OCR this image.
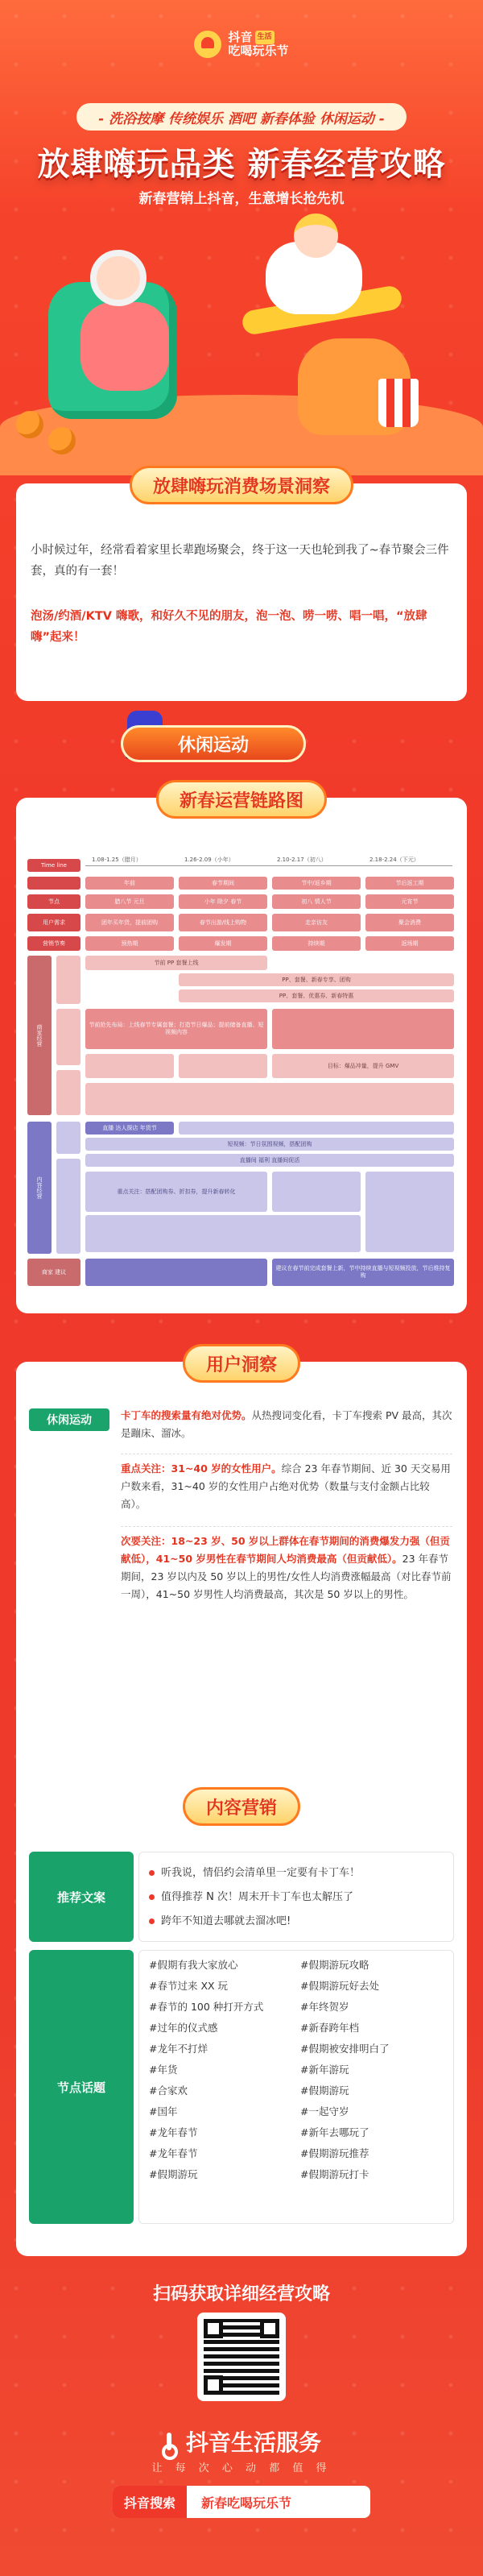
抖音 生活
吃喝玩乐节
- 洗浴按摩 传统娱乐 酒吧 新春体验 休闲运动 -
放肆嗨玩品类 新春经营攻略
新春营销上抖音，生意增长抢先机
放肆嗨玩消费场景洞察
小时候过年，经常看着家里长辈跑场聚会，终于这一天也轮到我了~春节聚会三件套，真的有一套！
泡汤/约酒/KTV 嗨歌，和好久不见的朋友，泡一泡、唠一唠、唱一唱，“放肆嗨”起来！
休闲运动
新春运营链路图
Time line
1.08-1.25（腊月）	1.26-2.09（小年）	2.10-2.17（初八）	2.18-2.24（下元）
年前	春节期间	节中/返乡期	节后返工期
节点	腊八节 元旦	小年 除夕 春节	初八 情人节	元宵节
用户需求	团年买年货，提前团购	春节出游/线上购物	走亲访友	聚会消费
营销节奏	预热期	爆发期	持续期	返场期
商家经营
节前 PP 套餐上线
PP、套餐、新春专享、团购
PP、套餐、优惠券、新春特惠
节前抢先布局：上线春节专属套餐；打造节日爆品；提前储备直播、短视频内容
目标：爆品冲量，提升 GMV
内容经营
直播 达人探店 年货节
短视频：节日氛围视频，搭配团购
直播间 福利 直播间促活
重点关注：搭配团购券、折扣券，提升新春转化
商家 建议
建议在春节前完成套餐上新，节中持续直播与短视频投放，节后维持复购
用户洞察
休闲运动	卡丁车的搜索量有绝对优势。从热搜词变化看，卡丁车搜索 PV 最高，其次是蹦床、溜冰。
重点关注：31~40 岁的女性用户。综合 23 年春节期间、近 30 天交易用户数来看，31~40 岁的女性用户占绝对优势（数量与支付金额占比较高）。
次要关注：18~23 岁、50 岁以上群体在春节期间的消费爆发力强（但贡献低），41~50 岁男性在春节期间人均消费最高（但贡献低）。23 年春节期间，23 岁以内及 50 岁以上的男性/女性人均消费涨幅最高（对比春节前一周），41~50 岁男性人均消费最高，其次是 50 岁以上的男性。
内容营销
推荐文案
听我说，情侣约会清单里一定要有卡丁车！
值得推荐 N 次！周末开卡丁车也太解压了
跨年不知道去哪就去溜冰吧!
节点话题
#假期有我大家放心	#假期游玩攻略
#春节过来 XX 玩	#假期游玩好去处
#春节的 100 种打开方式	#年终贺岁
#过年的仪式感	#新春跨年档
#龙年不打烊	#假期被安排明白了
#年货	#新年游玩
#合家欢	#假期游玩
#国年	#一起守岁
#龙年春节	#新年去哪玩了
#龙年春节	#假期游玩推荐
#假期游玩	#假期游玩打卡
扫码获取详细经营攻略
抖音生活服务
让 每 次 心 动 都 值 得
抖音搜索	新春吃喝玩乐节
